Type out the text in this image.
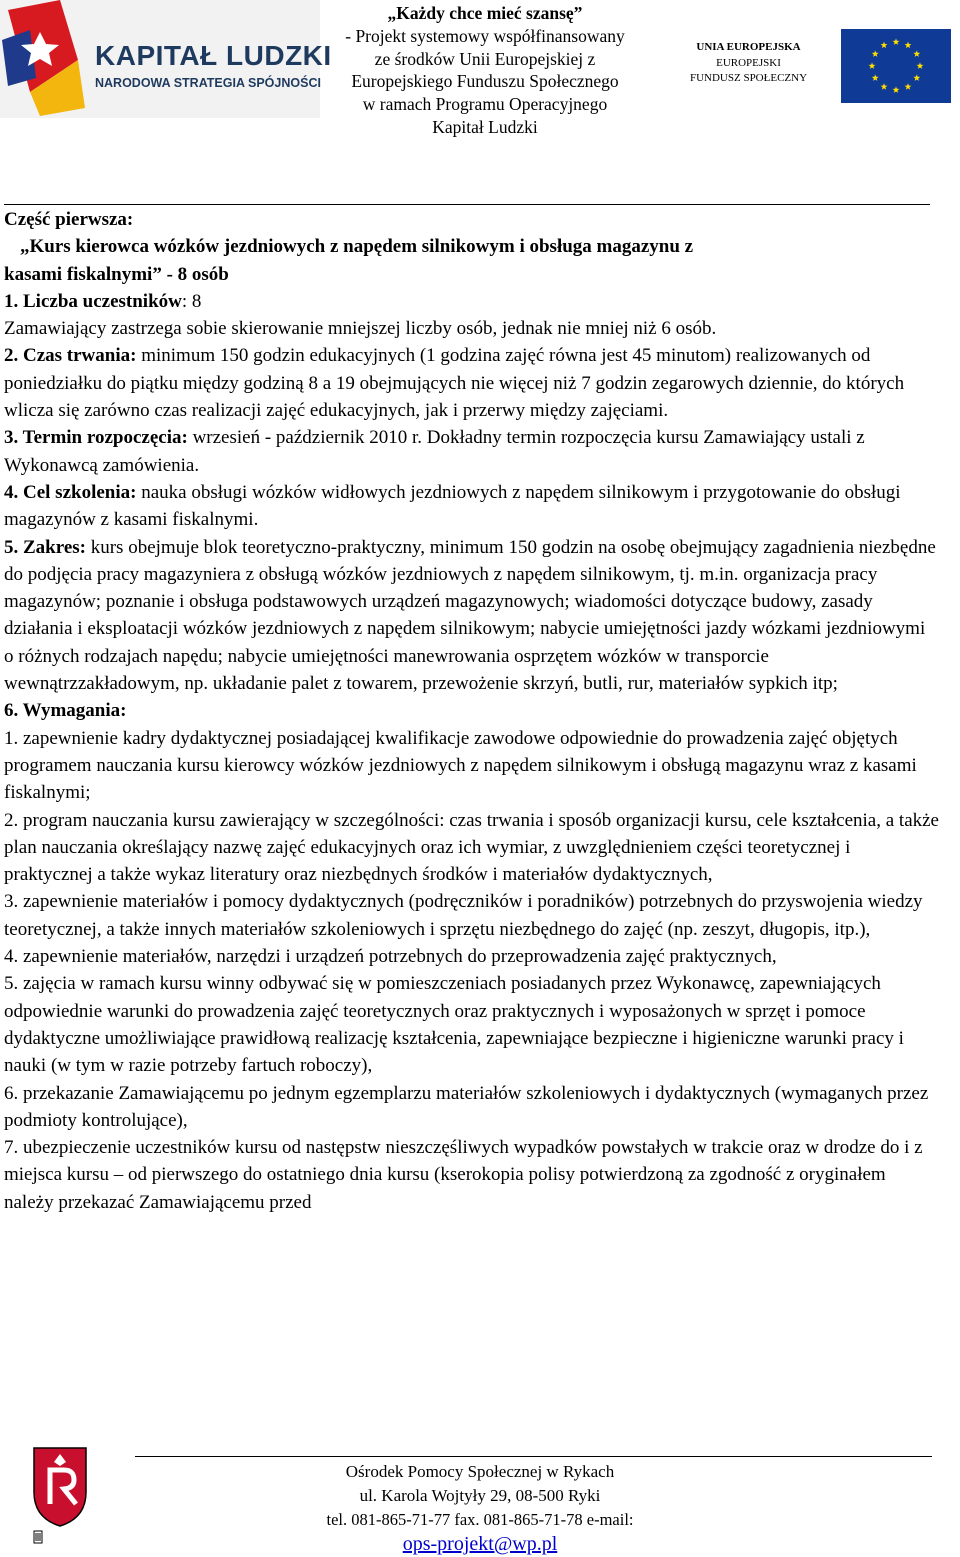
KAPITAŁ LUDZKI
NARODOWA STRATEGIA SPÓJNOŚCI
„Każdy chce mieć szansę”
- Projekt systemowy współfinansowany
ze środków Unii Europejskiej z
Europejskiego Funduszu Społecznego
w ramach Programu Operacyjnego
Kapitał Ludzki
UNIA EUROPEJSKA
EUROPEJSKI
FUNDUSZ SPOŁECZNY

Część pierwsza:

„Kurs kierowca wózków jezdniowych z napędem silnikowym i obsługa magazynu z

kasami fiskalnymi” - 8 osób

1. Liczba uczestników: 8

Zamawiający zastrzega sobie skierowanie mniejszej liczby osób, jednak nie mniej niż 6 osób.

2. Czas trwania: minimum 150 godzin edukacyjnych (1 godzina zajęć równa jest 45 minutom) realizowanych od poniedziałku do piątku między godziną 8 a 19 obejmujących nie więcej niż 7 godzin zegarowych dziennie, do których wlicza się zarówno czas realizacji zajęć edukacyjnych, jak i przerwy między zajęciami.

3. Termin rozpoczęcia: wrzesień - październik 2010 r. Dokładny termin rozpoczęcia kursu Zamawiający ustali z Wykonawcą zamówienia.

4. Cel szkolenia: nauka obsługi wózków widłowych jezdniowych z napędem silnikowym i przygotowanie do obsługi magazynów z kasami fiskalnymi.

5. Zakres: kurs obejmuje blok teoretyczno-praktyczny, minimum 150 godzin na osobę obejmujący zagadnienia niezbędne do podjęcia pracy magazyniera z obsługą wózków jezdniowych z napędem silnikowym, tj. m.in. organizacja pracy magazynów; poznanie i obsługa podstawowych urządzeń magazynowych; wiadomości dotyczące budowy, zasady działania i eksploatacji wózków jezdniowych z napędem silnikowym; nabycie umiejętności jazdy wózkami jezdniowymi o różnych rodzajach napędu; nabycie umiejętności manewrowania osprzętem wózków w transporcie wewnątrzzakładowym, np. układanie palet z towarem, przewożenie skrzyń, butli, rur, materiałów sypkich itp;

6. Wymagania:

1. zapewnienie kadry dydaktycznej posiadającej kwalifikacje zawodowe odpowiednie do prowadzenia zajęć objętych programem nauczania kursu kierowcy wózków jezdniowych z napędem silnikowym i obsługą magazynu wraz z kasami fiskalnymi;

2. program nauczania kursu zawierający w szczególności: czas trwania i sposób organizacji kursu, cele kształcenia, a także plan nauczania określający nazwę zajęć edukacyjnych oraz ich wymiar, z uwzględnieniem części teoretycznej i praktycznej a także wykaz literatury oraz niezbędnych środków i materiałów dydaktycznych,

3. zapewnienie materiałów i pomocy dydaktycznych (podręczników i poradników) potrzebnych do przyswojenia wiedzy teoretycznej, a także innych materiałów szkoleniowych i sprzętu niezbędnego do zajęć (np. zeszyt, długopis, itp.),

4. zapewnienie materiałów, narzędzi i urządzeń potrzebnych do przeprowadzenia zajęć praktycznych,

5. zajęcia w ramach kursu winny odbywać się w pomieszczeniach posiadanych przez Wykonawcę, zapewniających odpowiednie warunki do prowadzenia zajęć teoretycznych oraz praktycznych i wyposażonych w sprzęt i pomoce dydaktyczne umożliwiające prawidłową realizację kształcenia, zapewniające bezpieczne i higieniczne warunki pracy i nauki (w tym w razie potrzeby fartuch roboczy),

6. przekazanie Zamawiającemu po jednym egzemplarzu materiałów szkoleniowych i dydaktycznych (wymaganych przez podmioty kontrolujące),

7. ubezpieczenie uczestników kursu od następstw nieszczęśliwych wypadków powstałych w trakcie oraz w drodze do i z miejsca kursu – od pierwszego do ostatniego dnia kursu (kserokopia polisy potwierdzoną za zgodność z oryginałem należy przekazać Zamawiającemu przed

Ośrodek Pomocy Społecznej w Rykach
ul. Karola Wojtyły 29, 08-500 Ryki
tel. 081-865-71-77 fax. 081-865-71-78 e-mail:
ops-projekt@wp.pl
